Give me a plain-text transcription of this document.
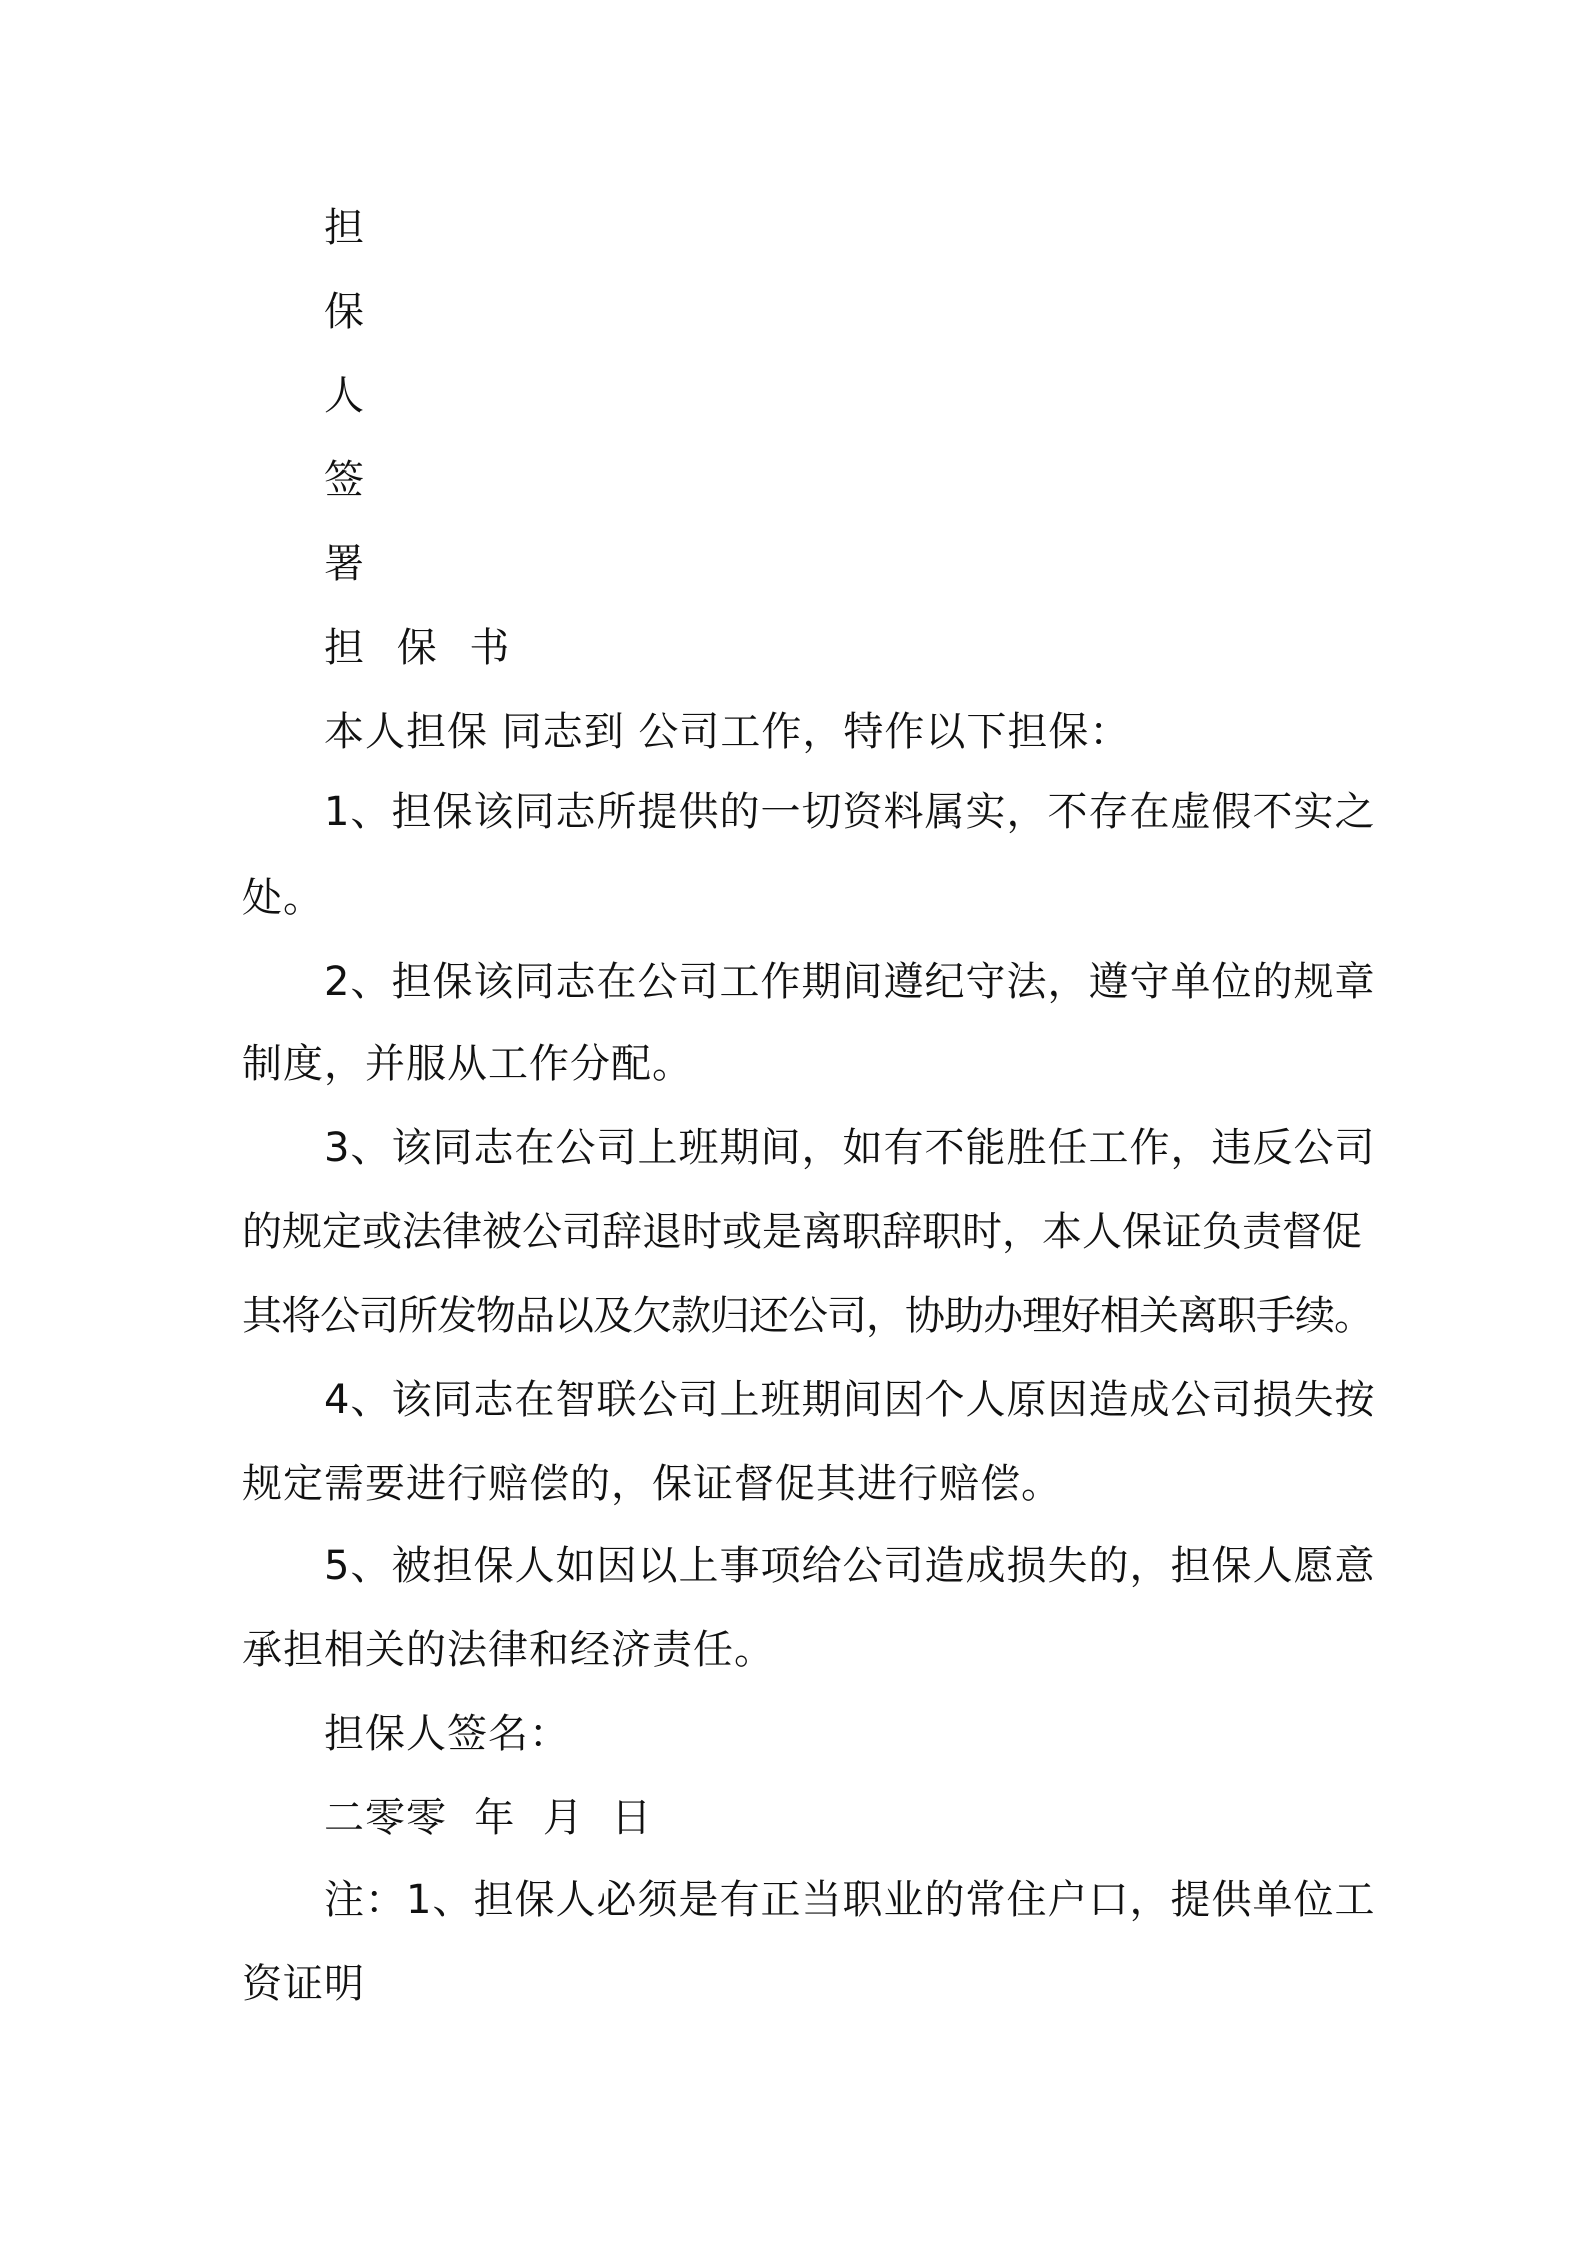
担
保
人
签
署
担 保 书
本人担保 同志到 公司工作，特作以下担保：
1、担保该同志所提供的一切资料属实，不存在虚假不实之
处。
2、担保该同志在公司工作期间遵纪守法，遵守单位的规章
制度，并服从工作分配。
3、该同志在公司上班期间，如有不能胜任工作，违反公司
的规定或法律被公司辞退时或是离职辞职时，本人保证负责督促
其将公司所发物品以及欠款归还公司，协助办理好相关离职手续。
4、该同志在智联公司上班期间因个人原因造成公司损失按
规定需要进行赔偿的，保证督促其进行赔偿。
5、被担保人如因以上事项给公司造成损失的，担保人愿意
承担相关的法律和经济责任。
担保人签名：
二零零  年  月  日
注：1、担保人必须是有正当职业的常住户口，提供单位工
资证明
